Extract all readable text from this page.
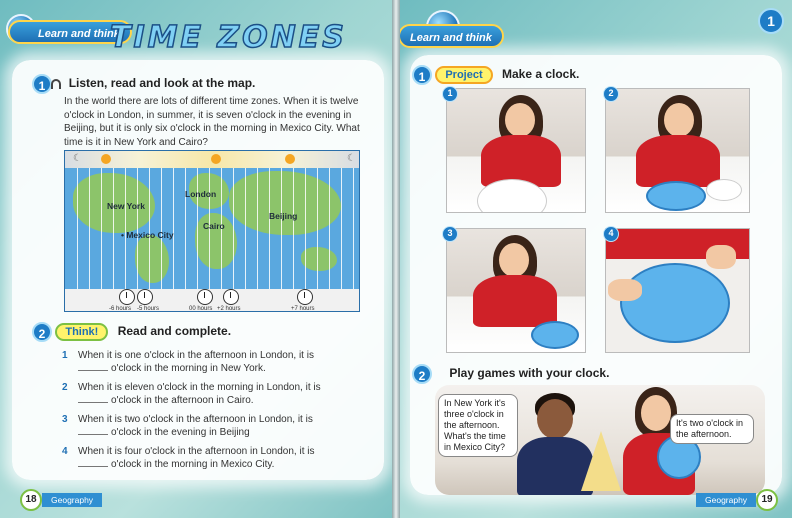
Learn and think
TIME ZONES
1 Listen, read and look at the map.
In the world there are lots of different time zones. When it is twelve o'clock in London, in summer, it is seven o'clock in the evening in Beijing, but it is only six o'clock in the morning in Mexico City. What time is it in New York and Cairo?
☾	☾
New York
• Mexico City
London
Cairo
Beijing
-6 hours -5 hours	00 hours +2 hours	+7 hours
2 Think! Read and complete.
1 When it is one o'clock in the afternoon in London, it is
o'clock in the morning in New York.
2 When it is eleven o'clock in the morning in London, it is
o'clock in the afternoon in Cairo.
3 When it is two o'clock in the afternoon in London, it is
o'clock in the evening in Beijing
4 When it is four o'clock in the afternoon in London, it is
o'clock in the morning in Mexico City.
18	Geography
Learn and think
1
1 Project Make a clock.
1	2
3	4
2 Play games with your clock.
In New York it's three o'clock in the afternoon. What's the time in Mexico City?
It's two o'clock in the afternoon.
Geography	19
